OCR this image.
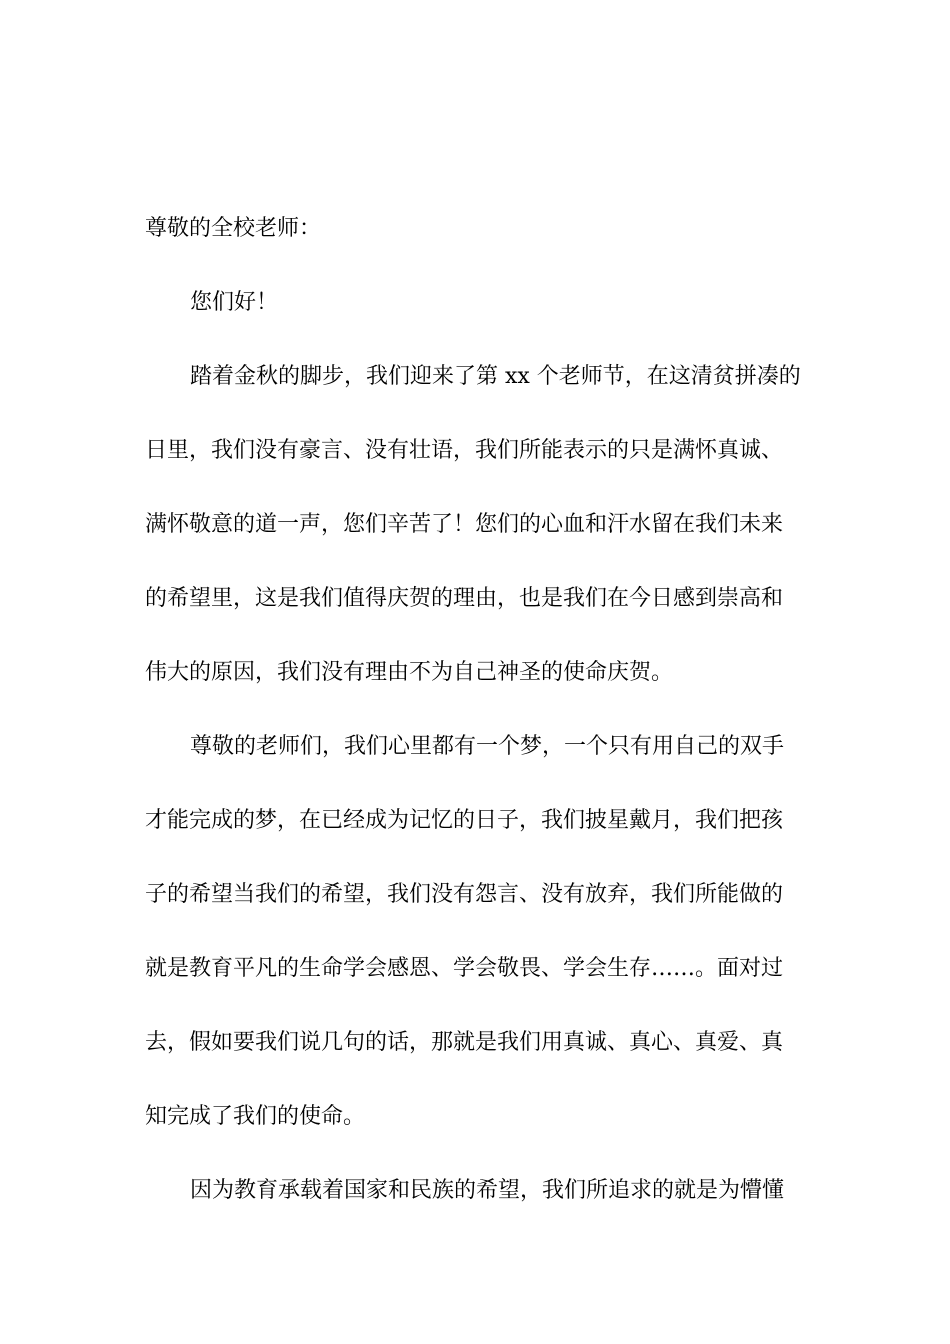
尊敬的全校老师：
您们好！
踏着金秋的脚步，我们迎来了第 xx 个老师节，在这清贫拼凑的
日里，我们没有豪言、没有壮语，我们所能表示的只是满怀真诚、
满怀敬意的道一声，您们辛苦了！您们的心血和汗水留在我们未来
的希望里，这是我们值得庆贺的理由，也是我们在今日感到崇高和
伟大的原因，我们没有理由不为自己神圣的使命庆贺。
尊敬的老师们，我们心里都有一个梦，一个只有用自己的双手
才能完成的梦，在已经成为记忆的日子，我们披星戴月，我们把孩
子的希望当我们的希望，我们没有怨言、没有放弃，我们所能做的
就是教育平凡的生命学会感恩、学会敬畏、学会生存……。面对过
去，假如要我们说几句的话，那就是我们用真诚、真心、真爱、真
知完成了我们的使命。
因为教育承载着国家和民族的希望，我们所追求的就是为懵懂
